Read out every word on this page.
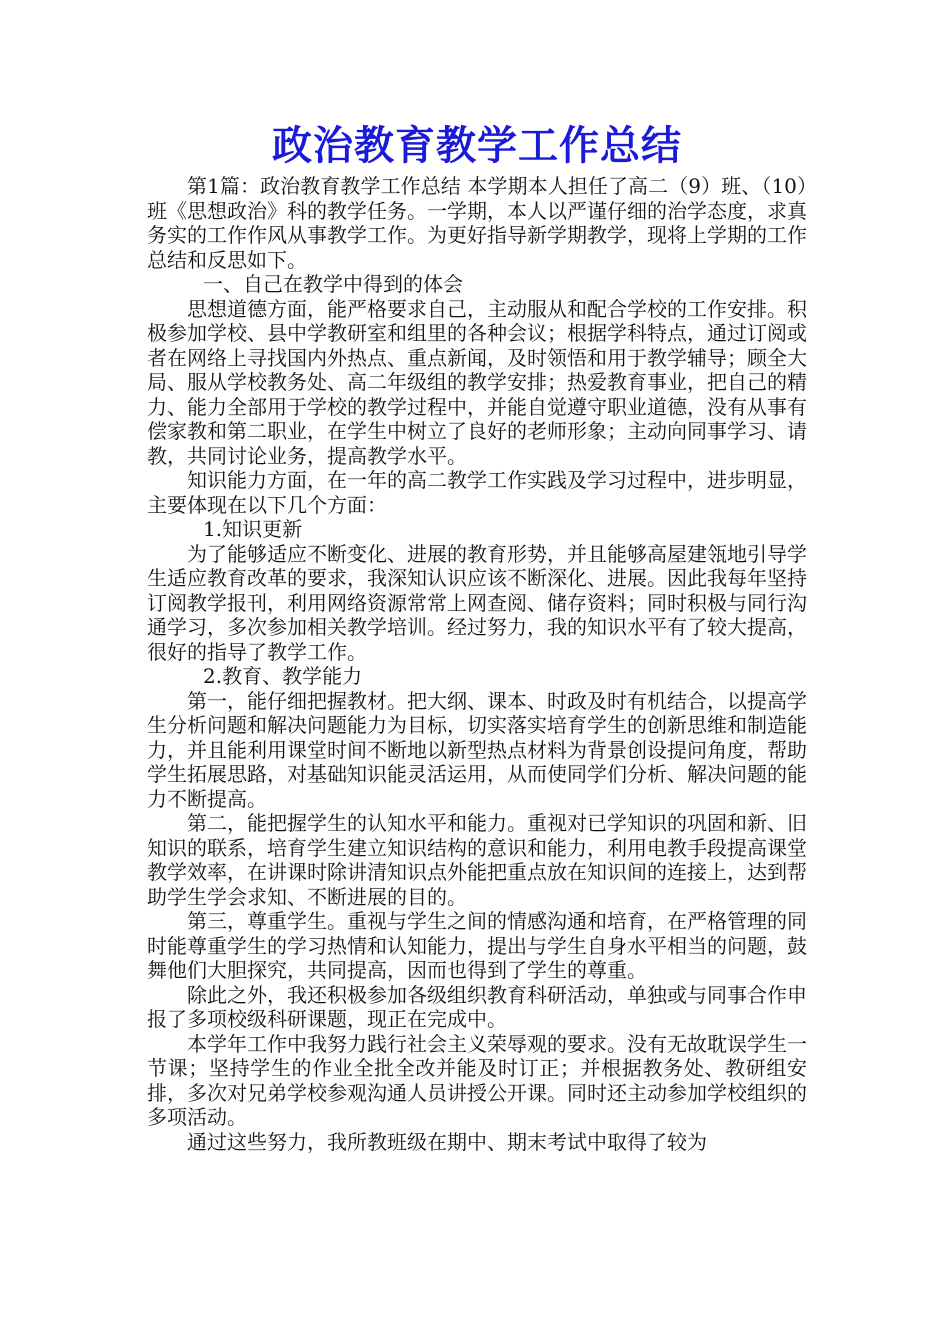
政治教育教学工作总结

第1篇：政治教育教学工作总结 本学期本人担任了高二（9）班、（10）班《思想政治》科的教学任务。一学期，本人以严谨仔细的治学态度，求真务实的工作作风从事教学工作。为更好指导新学期教学，现将上学期的工作总结和反思如下。

一、自己在教学中得到的体会

思想道德方面，能严格要求自己，主动服从和配合学校的工作安排。积极参加学校、县中学教研室和组里的各种会议；根据学科特点，通过订阅或者在网络上寻找国内外热点、重点新闻，及时领悟和用于教学辅导；顾全大局、服从学校教务处、高二年级组的教学安排；热爱教育事业，把自己的精力、能力全部用于学校的教学过程中，并能自觉遵守职业道德，没有从事有偿家教和第二职业，在学生中树立了良好的老师形象；主动向同事学习、请教，共同讨论业务，提高教学水平。

知识能力方面，在一年的高二教学工作实践及学习过程中，进步明显，主要体现在以下几个方面：

1.知识更新

为了能够适应不断变化、进展的教育形势，并且能够高屋建瓴地引导学生适应教育改革的要求，我深知认识应该不断深化、进展。因此我每年坚持订阅教学报刊，利用网络资源常常上网查阅、储存资料；同时积极与同行沟通学习，多次参加相关教学培训。经过努力，我的知识水平有了较大提高，很好的指导了教学工作。

2.教育、教学能力

第一，能仔细把握教材。把大纲、课本、时政及时有机结合，以提高学生分析问题和解决问题能力为目标，切实落实培育学生的创新思维和制造能力，并且能利用课堂时间不断地以新型热点材料为背景创设提问角度，帮助学生拓展思路，对基础知识能灵活运用，从而使同学们分析、解决问题的能力不断提高。

第二，能把握学生的认知水平和能力。重视对已学知识的巩固和新、旧知识的联系，培育学生建立知识结构的意识和能力，利用电教手段提高课堂教学效率，在讲课时除讲清知识点外能把重点放在知识间的连接上，达到帮助学生学会求知、不断进展的目的。

第三，尊重学生。重视与学生之间的情感沟通和培育，在严格管理的同时能尊重学生的学习热情和认知能力，提出与学生自身水平相当的问题，鼓舞他们大胆探究，共同提高，因而也得到了学生的尊重。

除此之外，我还积极参加各级组织教育科研活动，单独或与同事合作申报了多项校级科研课题，现正在完成中。

本学年工作中我努力践行社会主义荣辱观的要求。没有无故耽误学生一节课；坚持学生的作业全批全改并能及时订正；并根据教务处、教研组安排，多次对兄弟学校参观沟通人员讲授公开课。同时还主动参加学校组织的多项活动。

通过这些努力，我所教班级在期中、期末考试中取得了较为
